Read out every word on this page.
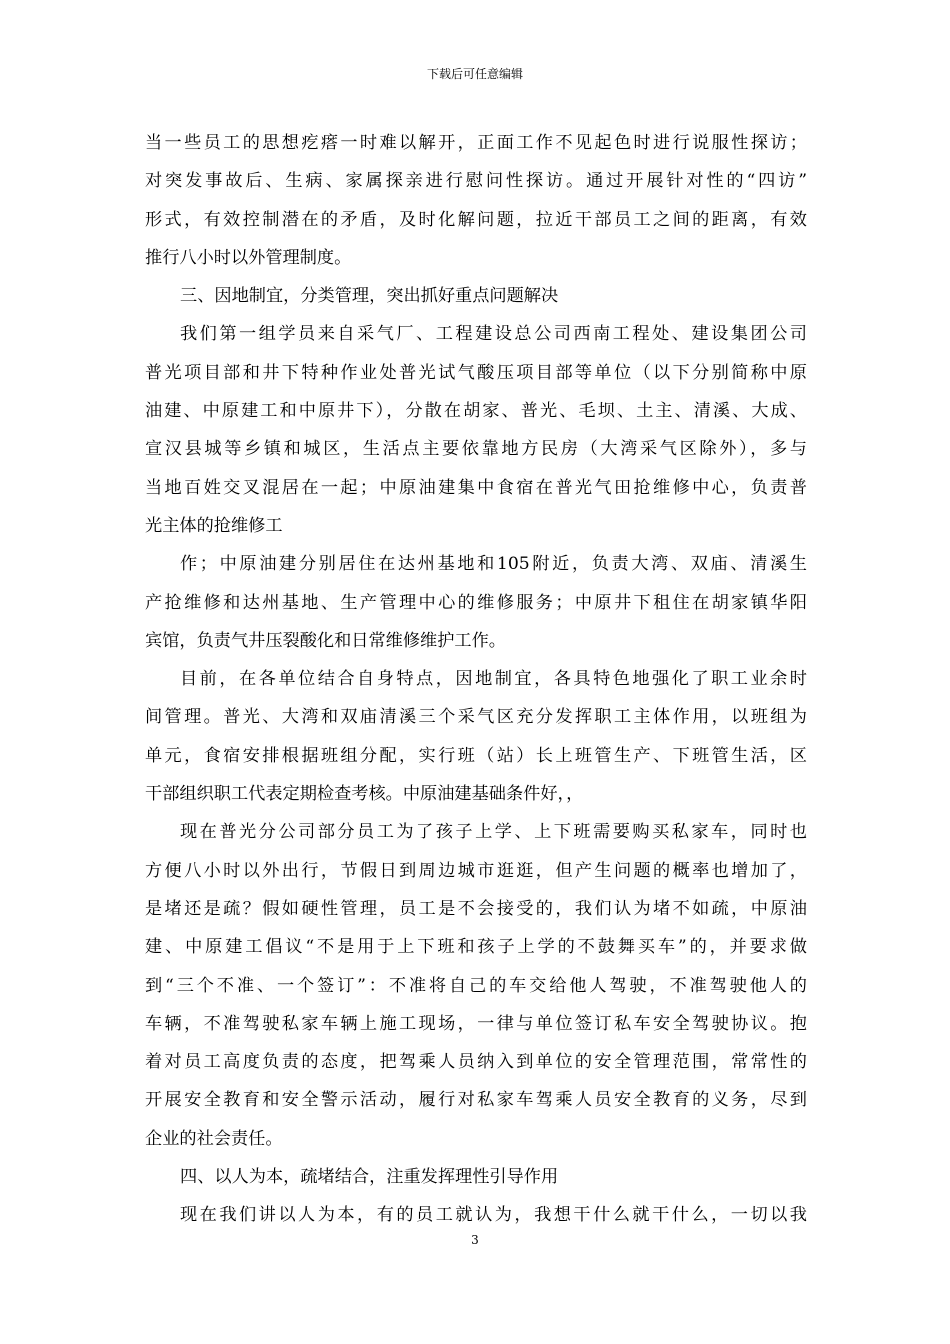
下载后可任意编辑
当一些员工的思想疙瘩一时难以解开，正面工作不见起色时进行说服性探访；
对突发事故后、生病、家属探亲进行慰问性探访。通过开展针对性的“四访”
形式，有效控制潜在的矛盾，及时化解问题，拉近干部员工之间的距离，有效
推行八小时以外管理制度。
三、因地制宜，分类管理，突出抓好重点问题解决
我们第一组学员来自采气厂、工程建设总公司西南工程处、建设集团公司
普光项目部和井下特种作业处普光试气酸压项目部等单位（以下分别简称中原
油建、中原建工和中原井下），分散在胡家、普光、毛坝、土主、清溪、大成、
宣汉县城等乡镇和城区，生活点主要依靠地方民房（大湾采气区除外），多与
当地百姓交叉混居在一起；中原油建集中食宿在普光气田抢维修中心，负责普
光主体的抢维修工
作；中原油建分别居住在达州基地和105附近，负责大湾、双庙、清溪生
产抢维修和达州基地、生产管理中心的维修服务；中原井下租住在胡家镇华阳
宾馆，负责气井压裂酸化和日常维修维护工作。
目前，在各单位结合自身特点，因地制宜，各具特色地强化了职工业余时
间管理。普光、大湾和双庙清溪三个采气区充分发挥职工主体作用，以班组为
单元，食宿安排根据班组分配，实行班（站）长上班管生产、下班管生活，区
干部组织职工代表定期检查考核。中原油建基础条件好，，
现在普光分公司部分员工为了孩子上学、上下班需要购买私家车，同时也
方便八小时以外出行，节假日到周边城市逛逛，但产生问题的概率也增加了，
是堵还是疏？假如硬性管理，员工是不会接受的，我们认为堵不如疏，中原油
建、中原建工倡议“不是用于上下班和孩子上学的不鼓舞买车”的，并要求做
到“三个不准、一个签订”：不准将自己的车交给他人驾驶，不准驾驶他人的
车辆，不准驾驶私家车辆上施工现场，一律与单位签订私车安全驾驶协议。抱
着对员工高度负责的态度，把驾乘人员纳入到单位的安全管理范围，常常性的
开展安全教育和安全警示活动，履行对私家车驾乘人员安全教育的义务，尽到
企业的社会责任。
四、以人为本，疏堵结合，注重发挥理性引导作用
现在我们讲以人为本，有的员工就认为，我想干什么就干什么，一切以我
3
